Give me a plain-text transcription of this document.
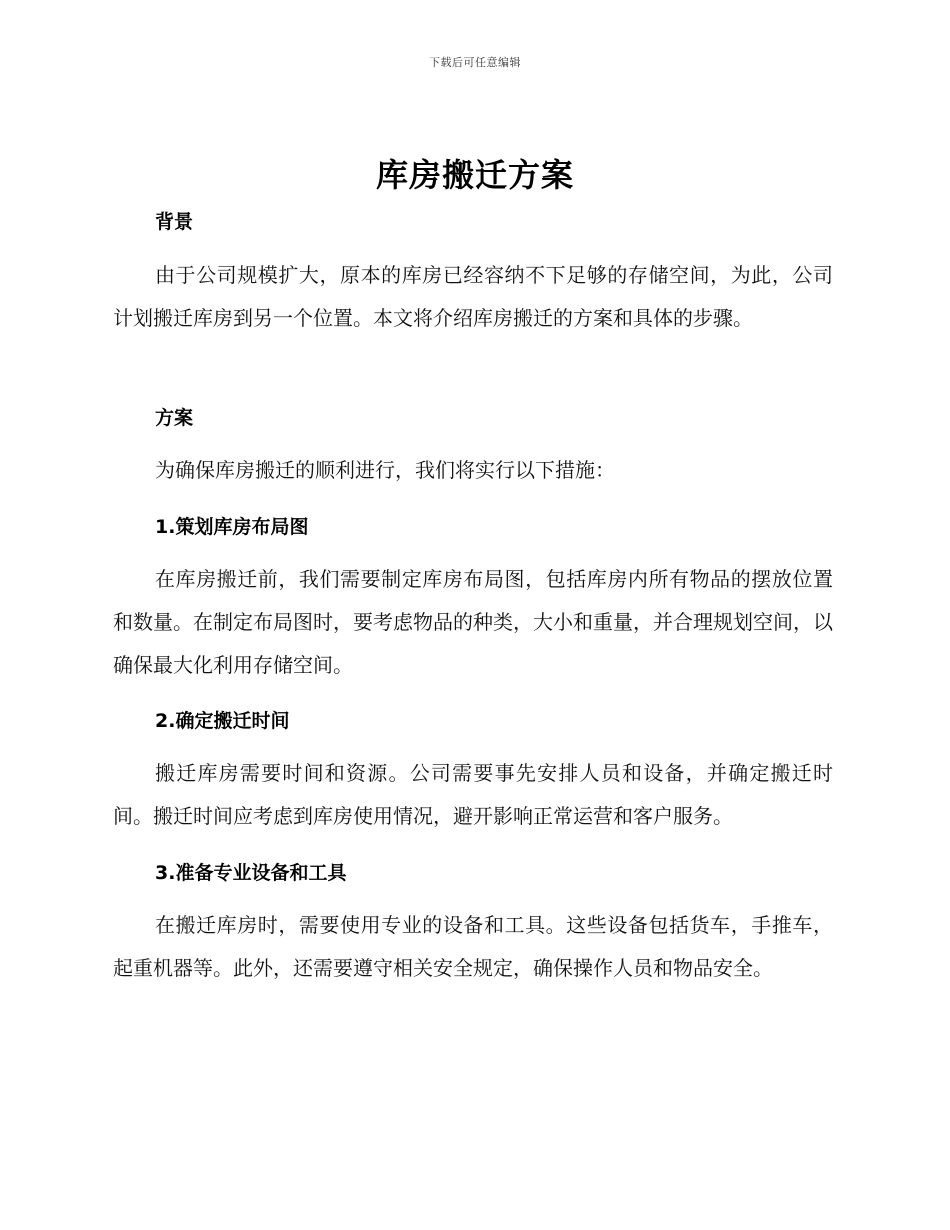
下载后可任意编辑
库房搬迁方案
背景
由于公司规模扩大，原本的库房已经容纳不下足够的存储空间，为此，公司计划搬迁库房到另一个位置。本文将介绍库房搬迁的方案和具体的步骤。
方案
为确保库房搬迁的顺利进行，我们将实行以下措施：
1.策划库房布局图
在库房搬迁前，我们需要制定库房布局图，包括库房内所有物品的摆放位置和数量。在制定布局图时，要考虑物品的种类，大小和重量，并合理规划空间，以确保最大化利用存储空间。
2.确定搬迁时间
搬迁库房需要时间和资源。公司需要事先安排人员和设备，并确定搬迁时间。搬迁时间应考虑到库房使用情况，避开影响正常运营和客户服务。
3.准备专业设备和工具
在搬迁库房时，需要使用专业的设备和工具。这些设备包括货车，手推车，起重机器等。此外，还需要遵守相关安全规定，确保操作人员和物品安全。
